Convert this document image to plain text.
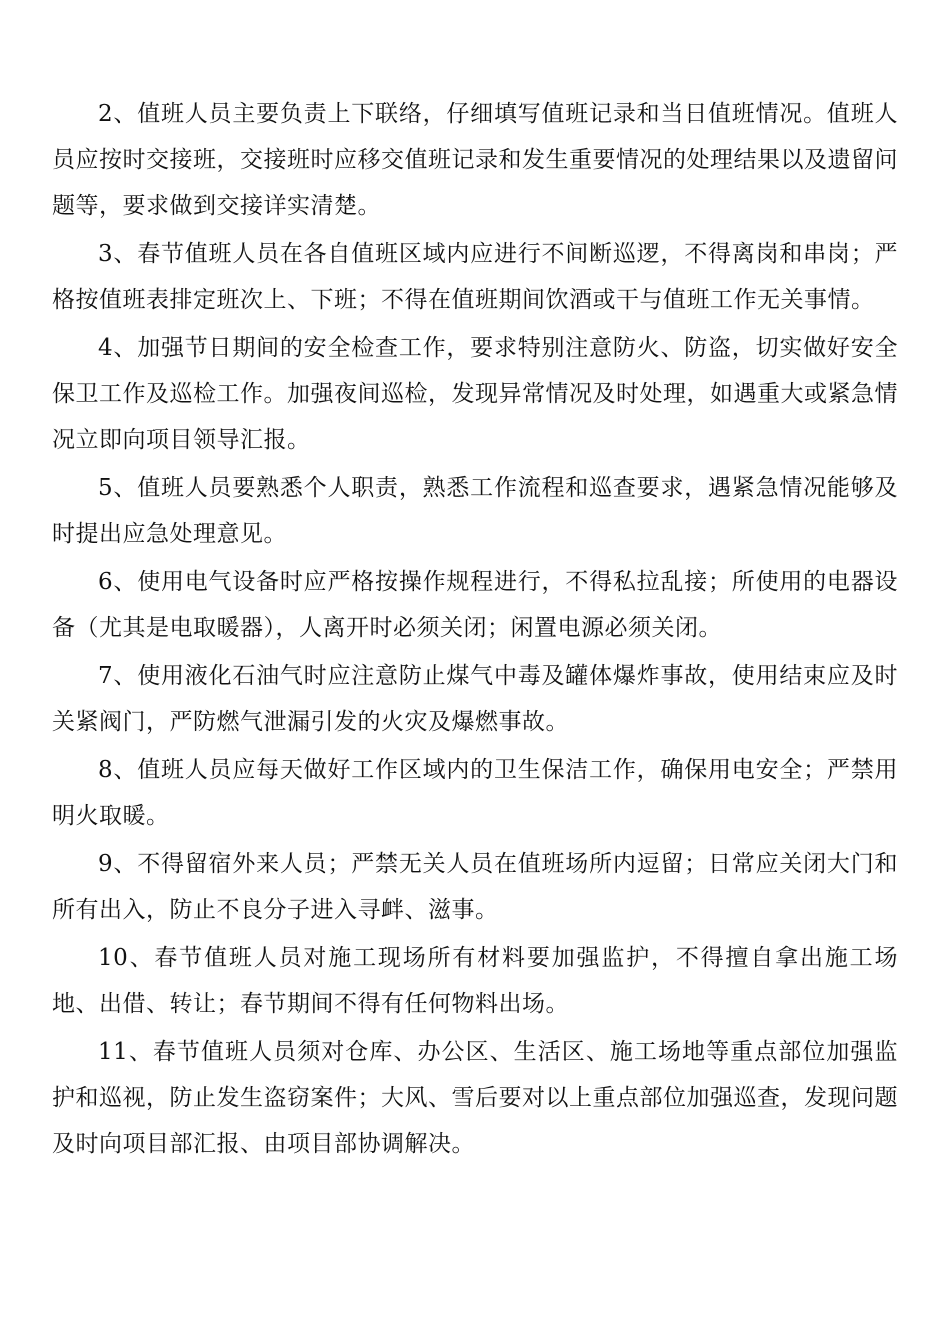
2、值班人员主要负责上下联络，仔细填写值班记录和当日值班情况。值班人员应按时交接班，交接班时应移交值班记录和发生重要情况的处理结果以及遗留问题等，要求做到交接详实清楚。

3、春节值班人员在各自值班区域内应进行不间断巡逻，不得离岗和串岗；严格按值班表排定班次上、下班；不得在值班期间饮酒或干与值班工作无关事情。

4、加强节日期间的安全检查工作，要求特别注意防火、防盗，切实做好安全保卫工作及巡检工作。加强夜间巡检，发现异常情况及时处理，如遇重大或紧急情况立即向项目领导汇报。

5、值班人员要熟悉个人职责，熟悉工作流程和巡查要求，遇紧急情况能够及时提出应急处理意见。

6、使用电气设备时应严格按操作规程进行，不得私拉乱接；所使用的电器设备（尤其是电取暖器），人离开时必须关闭；闲置电源必须关闭。

7、使用液化石油气时应注意防止煤气中毒及罐体爆炸事故，使用结束应及时关紧阀门，严防燃气泄漏引发的火灾及爆燃事故。

8、值班人员应每天做好工作区域内的卫生保洁工作，确保用电安全；严禁用明火取暖。

9、不得留宿外来人员；严禁无关人员在值班场所内逗留；日常应关闭大门和所有出入，防止不良分子进入寻衅、滋事。

10、春节值班人员对施工现场所有材料要加强监护，不得擅自拿出施工场地、出借、转让；春节期间不得有任何物料出场。

11、春节值班人员须对仓库、办公区、生活区、施工场地等重点部位加强监护和巡视，防止发生盗窃案件；大风、雪后要对以上重点部位加强巡查，发现问题及时向项目部汇报、由项目部协调解决。
